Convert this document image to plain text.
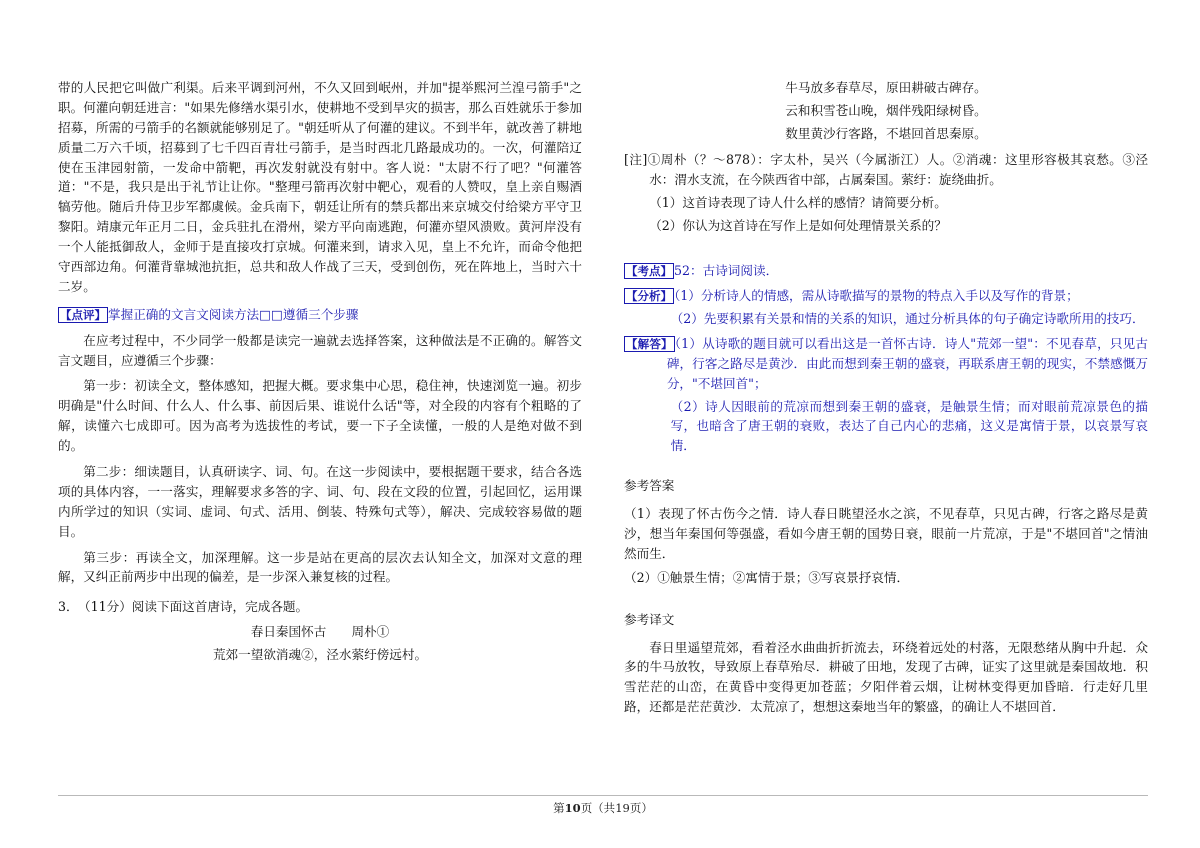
带的人民把它叫做广利渠。后来平调到河州，不久又回到岷州，并加"提举熙河兰湟弓箭手"之职。何灌向朝廷进言："如果先修缮水渠引水，使耕地不受到旱灾的损害，那么百姓就乐于参加招募，所需的弓箭手的名额就能够别足了。"朝廷听从了何灌的建议。不到半年，就改善了耕地质量二万六千顷，招募到了七千四百青壮弓箭手，是当时西北几路最成功的。一次，何灌陪辽使在玉津园射箭，一发命中箭靶，再次发射就没有射中。客人说："太尉不行了吧？"何灌答道："不是，我只是出于礼节让让你。"整理弓箭再次射中靶心，观看的人赞叹，皇上亲自赐酒犒劳他。随后升侍卫步军都虞候。金兵南下，朝廷让所有的禁兵都出来京城交付给梁方平守卫黎阳。靖康元年正月二日，金兵驻扎在滑州，梁方平向南逃跑，何灌亦望风溃败。黄河岸没有一个人能抵御敌人，金师于是直接攻打京城。何灌来到，请求入见，皇上不允许，而命令他把守西部边角。何灌背靠城池抗拒，总共和敌人作战了三天，受到创伤，死在阵地上，当时六十二岁。

【点评】 掌握正确的文言文阅读方法□□遵循三个步骤

在应考过程中，不少同学一般都是读完一遍就去选择答案，这种做法是不正确的。解答文言文题目，应遵循三个步骤：

第一步：初读全文，整体感知，把握大概。要求集中心思，稳住神，快速浏览一遍。初步明确是"什么时间、什么人、什么事、前因后果、谁说什么话"等，对全段的内容有个粗略的了解，读懂六七成即可。因为高考为选拔性的考试，要一下子全读懂，一般的人是绝对做不到的。

第二步：细读题目，认真研读字、词、句。在这一步阅读中，要根据题干要求，结合各选项的具体内容，一一落实，理解要求多答的字、词、句、段在文段的位置，引起回忆，运用课内所学过的知识（实词、虚词、句式、活用、倒装、特殊句式等），解决、完成较容易做的题目。

第三步：再读全文，加深理解。这一步是站在更高的层次去认知全文，加深对文意的理解，又纠正前两步中出现的偏差，是一步深入兼复核的过程。

3． （11分）阅读下面这首唐诗，完成各题。

春日秦国怀古　　周朴①

荒郊一望欲消魂②，泾水萦纡傍远村。

牛马放多春草尽，原田耕破古碑存。

云和积雪苍山晚，烟伴残阳绿树昏。

数里黄沙行客路，不堪回首思秦原。

[注]①周朴（？～878）：字太朴，吴兴（今属浙江）人。②消魂：这里形容极其哀愁。③泾水：渭水支流，在今陕西省中部，占属秦国。萦纡：旋绕曲折。

（1）这首诗表现了诗人什么样的感情？请简要分析。

（2）你认为这首诗在写作上是如何处理情景关系的？

【考点】 52：古诗词阅读．

【分析】 （1）分析诗人的情感，需从诗歌描写的景物的特点入手以及写作的背景；

（2）先要积累有关景和情的关系的知识，通过分析具体的句子确定诗歌所用的技巧．

【解答】 （1）从诗歌的题目就可以看出这是一首怀古诗．诗人"荒郊一望"：不见春草，只见古碑，行客之路尽是黄沙．由此而想到秦王朝的盛衰，再联系唐王朝的现实，不禁感慨万分，"不堪回首"；

（2）诗人因眼前的荒凉而想到秦王朝的盛衰，是触景生情；而对眼前荒凉景色的描写，也暗含了唐王朝的衰败，表达了自己内心的悲痛，这义是寓情于景，以哀景写哀情．

参考答案

（1）表现了怀古伤今之情．诗人春日眺望泾水之滨，不见春草，只见古碑，行客之路尽是黄沙，想当年秦国何等强盛，看如今唐王朝的国势日衰，眼前一片荒凉，于是"不堪回首"之情油然而生．

（2）①触景生情；②寓情于景；③写哀景抒哀情．

参考译文

春日里遥望荒郊，看着泾水曲曲折折流去，环绕着远处的村落，无限愁绪从胸中升起．众多的牛马放牧，导致原上春草殆尽．耕破了田地，发现了古碑，证实了这里就是秦国故地．积雪茫茫的山峦，在黄昏中变得更加苍蓝；夕阳伴着云烟，让树林变得更加昏暗．行走好几里路，还都是茫茫黄沙．太荒凉了，想想这秦地当年的繁盛，的确让人不堪回首．

第10页（共19页）
